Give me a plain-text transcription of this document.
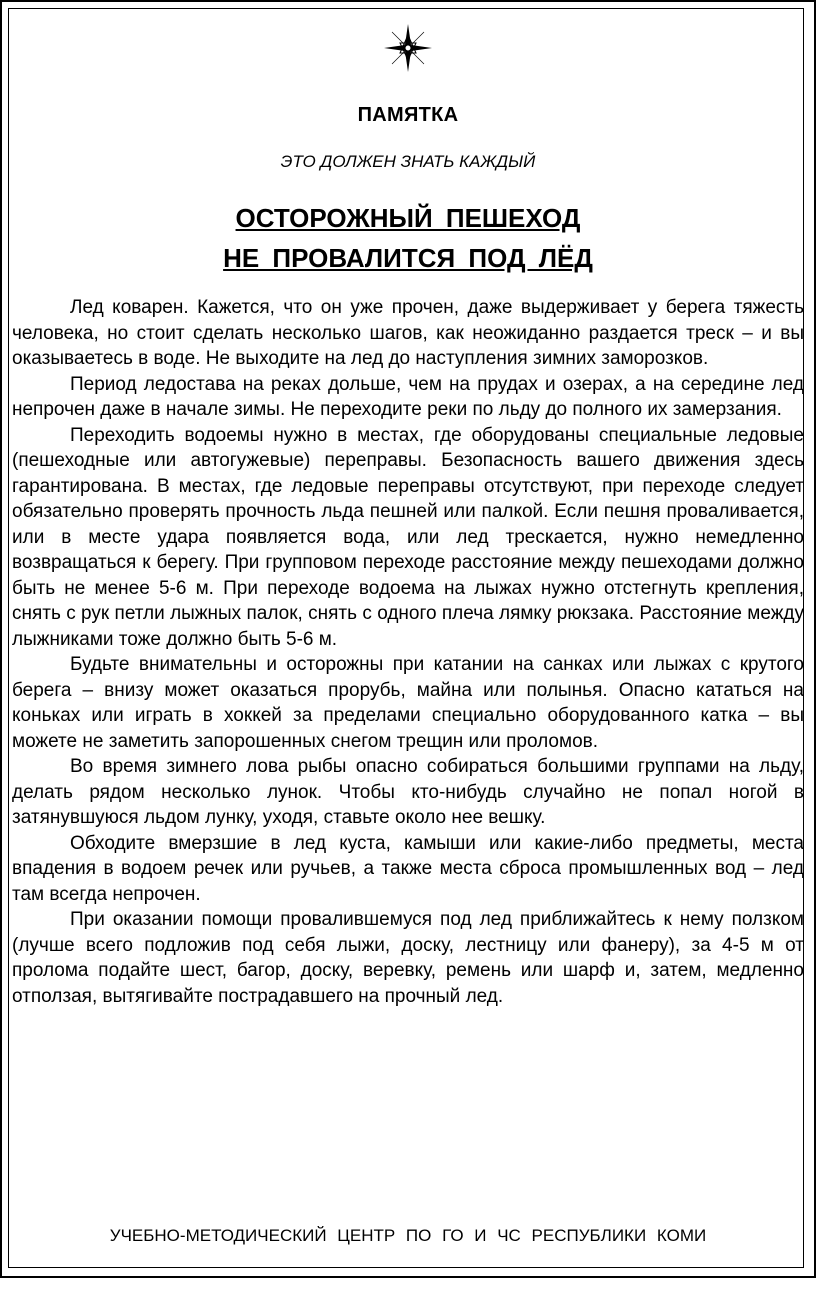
ПАМЯТКА
ЭТО ДОЛЖЕН ЗНАТЬ КАЖДЫЙ
ОСТОРОЖНЫЙ ПЕШЕХОД
НЕ ПРОВАЛИТСЯ ПОД ЛЁД

Лед коварен. Кажется, что он уже прочен, даже выдерживает у берега тяжесть человека, но стоит сделать несколько шагов, как неожиданно раздается треск – и вы оказываетесь в воде. Не выходите на лед до наступления зимних заморозков.

Период ледостава на реках дольше, чем на прудах и озерах, а на середине лед непрочен даже в начале зимы. Не переходите реки по льду до полного их замерзания.

Переходить водоемы нужно в местах, где оборудованы специальные ледовые (пешеходные или автогужевые) переправы. Безопасность вашего движения здесь гарантирована. В местах, где ледовые переправы отсутствуют, при переходе следует обязательно проверять прочность льда пешней или палкой. Если пешня проваливается, или в месте удара появляется вода, или лед трескается, нужно немедленно возвращаться к берегу. При групповом переходе расстояние между пешеходами должно быть не менее 5-6 м. При переходе водоема на лыжах нужно отстегнуть крепления, снять с рук петли лыжных палок, снять с одного плеча лямку рюкзака. Расстояние между лыжниками тоже должно быть 5-6 м.

Будьте внимательны и осторожны при катании на санках или лыжах с крутого берега – внизу может оказаться прорубь, майна или полынья. Опасно кататься на коньках или играть в хоккей за пределами специально оборудованного катка – вы можете не заметить запорошенных снегом трещин или проломов.

Во время зимнего лова рыбы опасно собираться большими группами на льду, делать рядом несколько лунок. Чтобы кто-нибудь случайно не попал ногой в затянувшуюся льдом лунку, уходя, ставьте около нее вешку.

Обходите вмерзшие в лед куста, камыши или какие-либо предметы, места впадения в водоем речек или ручьев, а также места сброса промышленных вод – лед там всегда непрочен.

При оказании помощи провалившемуся под лед приближайтесь к нему ползком (лучше всего подложив под себя лыжи, доску, лестницу или фанеру), за 4-5 м от пролома подайте шест, багор, доску, веревку, ремень или шарф и, затем, медленно отползая, вытягивайте пострадавшего на прочный лед.

УЧЕБНО-МЕТОДИЧЕСКИЙ ЦЕНТР ПО ГО И ЧС РЕСПУБЛИКИ КОМИ
